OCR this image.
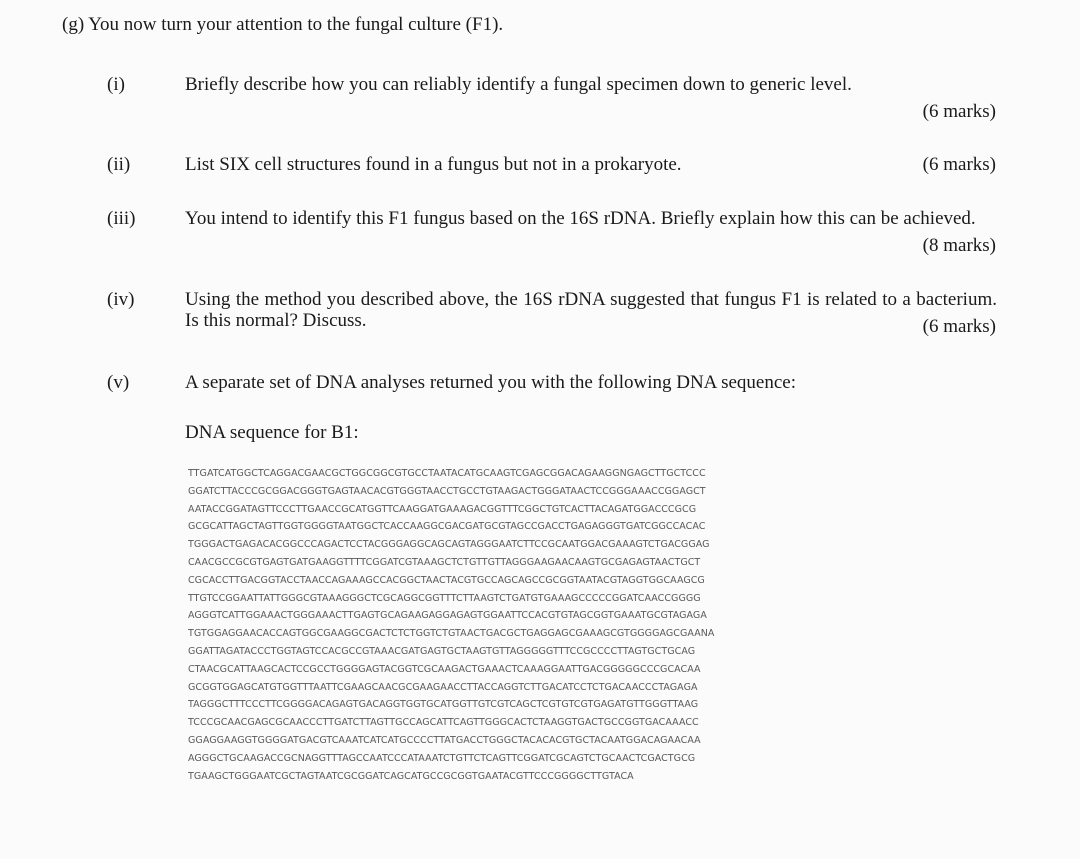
(g) You now turn your attention to the fungal culture (F1).
(i)	Briefly describe how you can reliably identify a fungal specimen down to generic level.
(6 marks)
(ii)	List SIX cell structures found in a fungus but not in a prokaryote.	(6 marks)
(iii)	You intend to identify this F1 fungus based on the 16S rDNA. Briefly explain how this can be achieved.
(8 marks)
(iv)	Using the method you described above, the 16S rDNA suggested that fungus F1 is related to a bacterium. Is this normal? Discuss.	(6 marks)
(v)	A separate set of DNA analyses returned you with the following DNA sequence:
DNA sequence for B1:
TTGATCATGGCTCAGGACGAACGCTGGCGGCGTGCCTAATACATGCAAGTCGAGCGGACAGAAGGNGAGCTTGCTCCC
GGATCTTACCCGCGGACGGGTGAGTAACACGTGGGTAACCTGCCTGTAAGACTGGGATAACTCCGGGAAACCGGAGCT
AATACCGGATAGTTCCCTTGAACCGCATGGTTCAAGGATGAAAGACGGTTTCGGCTGTCACTTACAGATGGACCCGCG
GCGCATTAGCTAGTTGGTGGGGTAATGGCTCACCAAGGCGACGATGCGTAGCCGACCTGAGAGGGTGATCGGCCACAC
TGGGACTGAGACACGGCCCAGACTCCTACGGGAGGCAGCAGTAGGGAATCTTCCGCAATGGACGAAAGTCTGACGGAG
CAACGCCGCGTGAGTGATGAAGGTTTTCGGATCGTAAAGCTCTGTTGTTAGGGAAGAACAAGTGCGAGAGTAACTGCT
CGCACCTTGACGGTACCTAACCAGAAAGCCACGGCTAACTACGTGCCAGCAGCCGCGGTAATACGTAGGTGGCAAGCG
TTGTCCGGAATTATTGGGCGTAAAGGGCTCGCAGGCGGTTTCTTAAGTCTGATGTGAAAGCCCCCGGATCAACCGGGG
AGGGTCATTGGAAACTGGGAAACTTGAGTGCAGAAGAGGAGAGTGGAATTCCACGTGTAGCGGTGAAATGCGTAGAGA
TGTGGAGGAACACCAGTGGCGAAGGCGACTCTCTGGTCTGTAACTGACGCTGAGGAGCGAAAGCGTGGGGAGCGAANA
GGATTAGATACCCTGGTAGTCCACGCCGTAAACGATGAGTGCTAAGTGTTAGGGGGTTTCCGCCCCTTAGTGCTGCAG
CTAACGCATTAAGCACTCCGCCTGGGGAGTACGGTCGCAAGACTGAAACTCAAAGGAATTGACGGGGGCCCGCACAA
GCGGTGGAGCATGTGGTTTAATTCGAAGCAACGCGAAGAACCTTACCAGGTCTTGACATCCTCTGACAACCCTAGAGA
TAGGGCTTTCCCTTCGGGGACAGAGTGACAGGTGGTGCATGGTTGTCGTCAGCTCGTGTCGTGAGATGTTGGGTTAAG
TCCCGCAACGAGCGCAACCCTTGATCTTAGTTGCCAGCATTCAGTTGGGCACTCTAAGGTGACTGCCGGTGACAAACC
GGAGGAAGGTGGGGATGACGTCAAATCATCATGCCCCTTATGACCTGGGCTACACACGTGCTACAATGGACAGAACAA
AGGGCTGCAAGACCGCNAGGTTTAGCCAATCCCATAAATCTGTTCTCAGTTCGGATCGCAGTCTGCAACTCGACTGCG
TGAAGCTGGGAATCGCTAGTAATCGCGGATCAGCATGCCGCGGTGAATACGTTCCCGGGGCTTGTACA
